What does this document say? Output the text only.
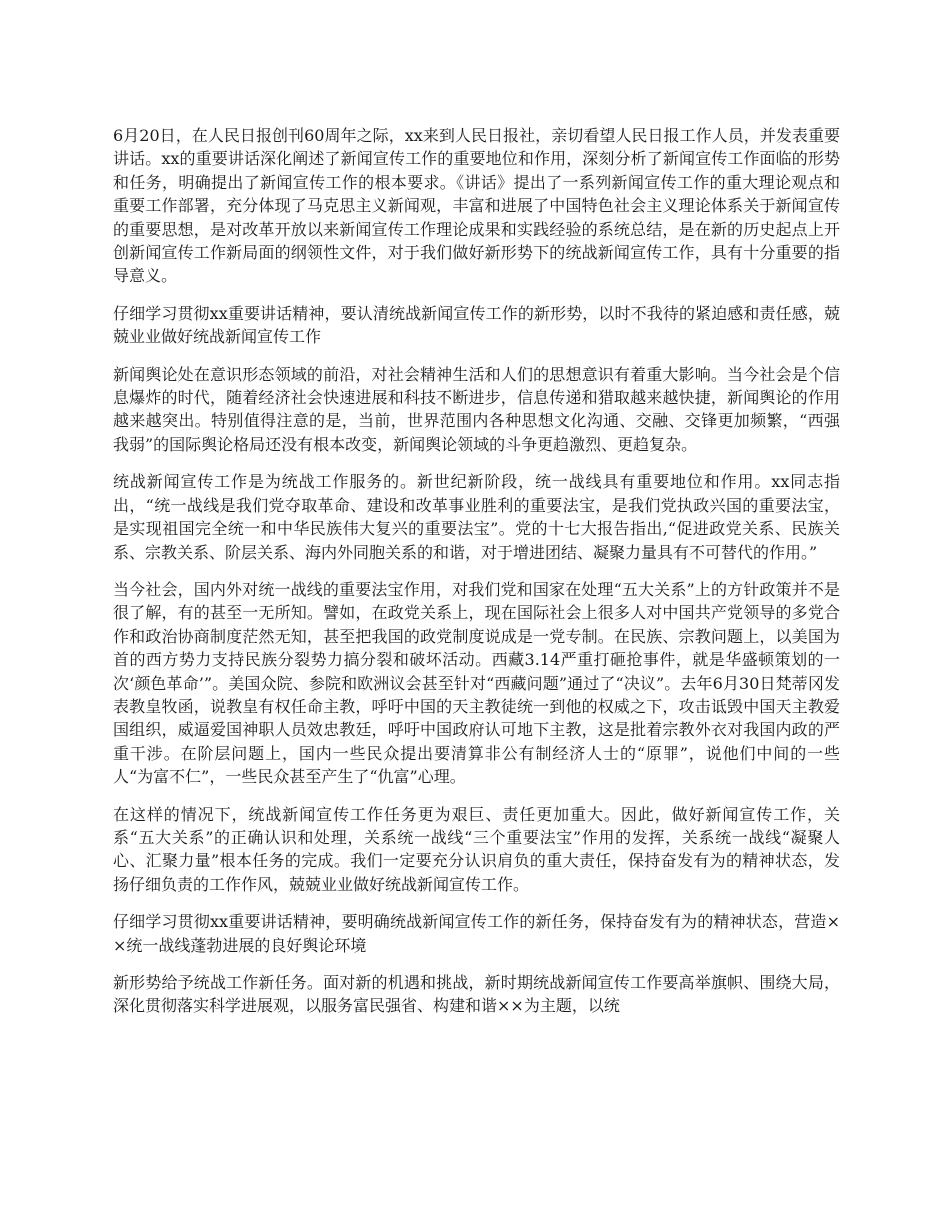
6月20日，在人民日报创刊60周年之际，xx来到人民日报社，亲切看望人民日报工作人员，并发表重要讲话。xx的重要讲话深化阐述了新闻宣传工作的重要地位和作用，深刻分析了新闻宣传工作面临的形势和任务，明确提出了新闻宣传工作的根本要求。《讲话》提出了一系列新闻宣传工作的重大理论观点和重要工作部署，充分体现了马克思主义新闻观，丰富和进展了中国特色社会主义理论体系关于新闻宣传的重要思想，是对改革开放以来新闻宣传工作理论成果和实践经验的系统总结，是在新的历史起点上开创新闻宣传工作新局面的纲领性文件，对于我们做好新形势下的统战新闻宣传工作，具有十分重要的指导意义。

仔细学习贯彻xx重要讲话精神，要认清统战新闻宣传工作的新形势，以时不我待的紧迫感和责任感，兢兢业业做好统战新闻宣传工作

新闻舆论处在意识形态领域的前沿，对社会精神生活和人们的思想意识有着重大影响。当今社会是个信息爆炸的时代，随着经济社会快速进展和科技不断进步，信息传递和猎取越来越快捷，新闻舆论的作用越来越突出。特别值得注意的是，当前，世界范围内各种思想文化沟通、交融、交锋更加频繁，“西强我弱”的国际舆论格局还没有根本改变，新闻舆论领域的斗争更趋激烈、更趋复杂。

统战新闻宣传工作是为统战工作服务的。新世纪新阶段，统一战线具有重要地位和作用。xx同志指出，“统一战线是我们党夺取革命、建设和改革事业胜利的重要法宝，是我们党执政兴国的重要法宝，是实现祖国完全统一和中华民族伟大复兴的重要法宝”。党的十七大报告指出,“促进政党关系、民族关系、宗教关系、阶层关系、海内外同胞关系的和谐，对于增进团结、凝聚力量具有不可替代的作用。”

当今社会，国内外对统一战线的重要法宝作用，对我们党和国家在处理“五大关系”上的方针政策并不是很了解，有的甚至一无所知。譬如，在政党关系上，现在国际社会上很多人对中国共产党领导的多党合作和政治协商制度茫然无知，甚至把我国的政党制度说成是一党专制。在民族、宗教问题上，以美国为首的西方势力支持民族分裂势力搞分裂和破坏活动。西藏3.14严重打砸抢事件，就是华盛顿策划的一次‘颜色革命’”。美国众院、参院和欧洲议会甚至针对“西藏问题”通过了“决议”。去年6月30日梵蒂冈发表教皇牧函，说教皇有权任命主教，呼吁中国的天主教徒统一到他的权威之下，攻击诋毁中国天主教爱国组织，威逼爱国神职人员效忠教廷，呼吁中国政府认可地下主教，这是批着宗教外衣对我国内政的严重干涉。在阶层问题上，国内一些民众提出要清算非公有制经济人士的“原罪”，说他们中间的一些人“为富不仁”，一些民众甚至产生了“仇富”心理。

在这样的情况下，统战新闻宣传工作任务更为艰巨、责任更加重大。因此，做好新闻宣传工作，关系“五大关系”的正确认识和处理，关系统一战线“三个重要法宝”作用的发挥，关系统一战线“凝聚人心、汇聚力量”根本任务的完成。我们一定要充分认识肩负的重大责任，保持奋发有为的精神状态，发扬仔细负责的工作作风，兢兢业业做好统战新闻宣传工作。

仔细学习贯彻xx重要讲话精神，要明确统战新闻宣传工作的新任务，保持奋发有为的精神状态，营造××统一战线蓬勃进展的良好舆论环境

新形势给予统战工作新任务。面对新的机遇和挑战，新时期统战新闻宣传工作要高举旗帜、围绕大局，深化贯彻落实科学进展观，以服务富民强省、构建和谐××为主题，以统
